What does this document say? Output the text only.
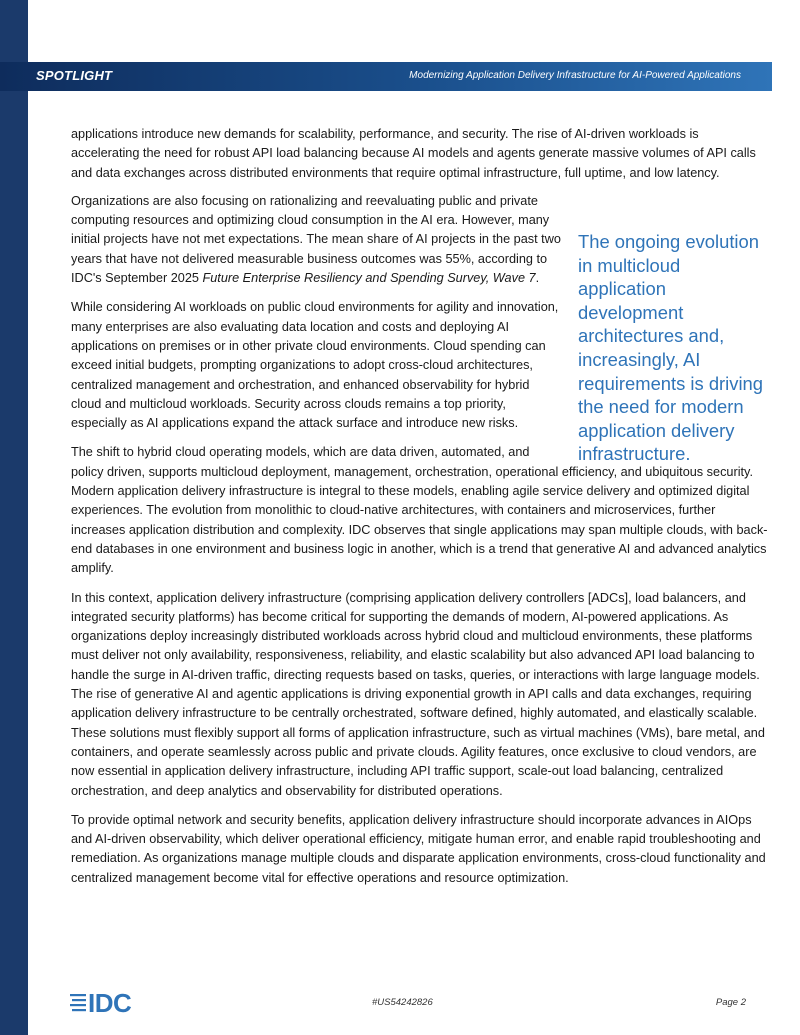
SPOTLIGHT	Modernizing Application Delivery Infrastructure for AI-Powered Applications

applications introduce new demands for scalability, performance, and security. The rise of AI-driven workloads is accelerating the need for robust API load balancing because AI models and agents generate massive volumes of API calls and data exchanges across distributed environments that require optimal infrastructure, full uptime, and low latency.

Organizations are also focusing on rationalizing and reevaluating public and private computing resources and optimizing cloud consumption in the AI era. However, many initial projects have not met expectations. The mean share of AI projects in the past two years that have not delivered measurable business outcomes was 55%, according to IDC's September 2025 Future Enterprise Resiliency and Spending Survey, Wave 7.

While considering AI workloads on public cloud environments for agility and innovation, many enterprises are also evaluating data location and costs and deploying AI applications on premises or in other private cloud environments. Cloud spending can exceed initial budgets, prompting organizations to adopt cross-cloud architectures, centralized management and orchestration, and enhanced observability for hybrid cloud and multicloud workloads. Security across clouds remains a top priority, especially as AI applications expand the attack surface and introduce new risks.

The shift to hybrid cloud operating models, which are data driven, automated, and
policy driven, supports multicloud deployment, management, orchestration, operational efficiency, and ubiquitous security. Modern application delivery infrastructure is integral to these models, enabling agile service delivery and optimized digital experiences. The evolution from monolithic to cloud-native architectures, with containers and microservices, further increases application distribution and complexity. IDC observes that single applications may span multiple clouds, with back-end databases in one environment and business logic in another, which is a trend that generative AI and advanced analytics amplify.

In this context, application delivery infrastructure (comprising application delivery controllers [ADCs], load balancers, and integrated security platforms) has become critical for supporting the demands of modern, AI-powered applications. As organizations deploy increasingly distributed workloads across hybrid cloud and multicloud environments, these platforms must deliver not only availability, responsiveness, reliability, and elastic scalability but also advanced API load balancing to handle the surge in AI-driven traffic, directing requests based on tasks, queries, or interactions with large language models. The rise of generative AI and agentic applications is driving exponential growth in API calls and data exchanges, requiring application delivery infrastructure to be centrally orchestrated, software defined, highly automated, and elastically scalable. These solutions must flexibly support all forms of application infrastructure, such as virtual machines (VMs), bare metal, and containers, and operate seamlessly across public and private clouds. Agility features, once exclusive to cloud vendors, are now essential in application delivery infrastructure, including API traffic support, scale-out load balancing, centralized orchestration, and deep analytics and observability for distributed operations.

To provide optimal network and security benefits, application delivery infrastructure should incorporate advances in AIOps and AI-driven observability, which deliver operational efficiency, mitigate human error, and enable rapid troubleshooting and remediation. As organizations manage multiple clouds and disparate application environments, cross-cloud functionality and centralized management become vital for effective operations and resource optimization.

The ongoing evolution in multicloud application development architectures and, increasingly, AI requirements is driving the need for modern application delivery infrastructure.
IDC	#US54242826	Page 2
